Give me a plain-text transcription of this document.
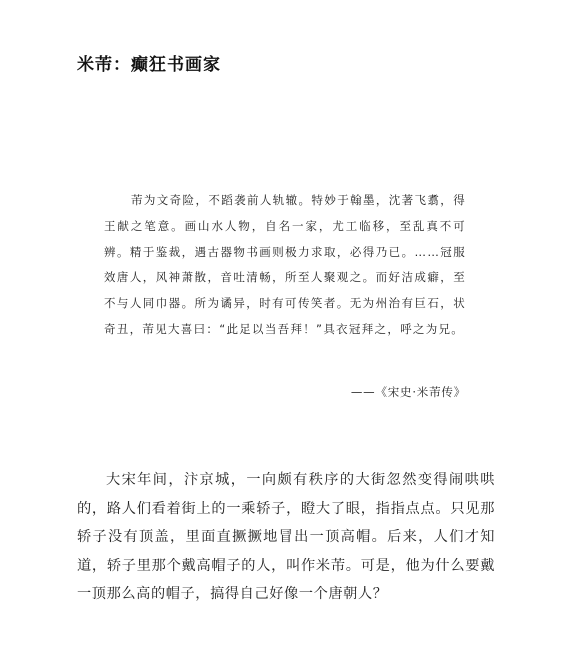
米芾：癫狂书画家
芾为文奇险，不蹈袭前人轨辙。特妙于翰墨，沈著飞翥，得王献之笔意。画山水人物，自名一家，尤工临移，至乱真不可辨。精于鉴裁，遇古器物书画则极力求取，必得乃已。……冠服效唐人，风神萧散，音吐清畅，所至人聚观之。而好洁成癖，至不与人同巾器。所为谲异，时有可传笑者。无为州治有巨石，状奇丑，芾见大喜曰：“此足以当吾拜！”具衣冠拜之，呼之为兄。
——《宋史·米芾传》
大宋年间，汴京城，一向颇有秩序的大街忽然变得闹哄哄的，路人们看着街上的一乘轿子，瞪大了眼，指指点点。只见那轿子没有顶盖，里面直撅撅地冒出一顶高帽。后来，人们才知道，轿子里那个戴高帽子的人，叫作米芾。可是，他为什么要戴一顶那么高的帽子，搞得自己好像一个唐朝人？
